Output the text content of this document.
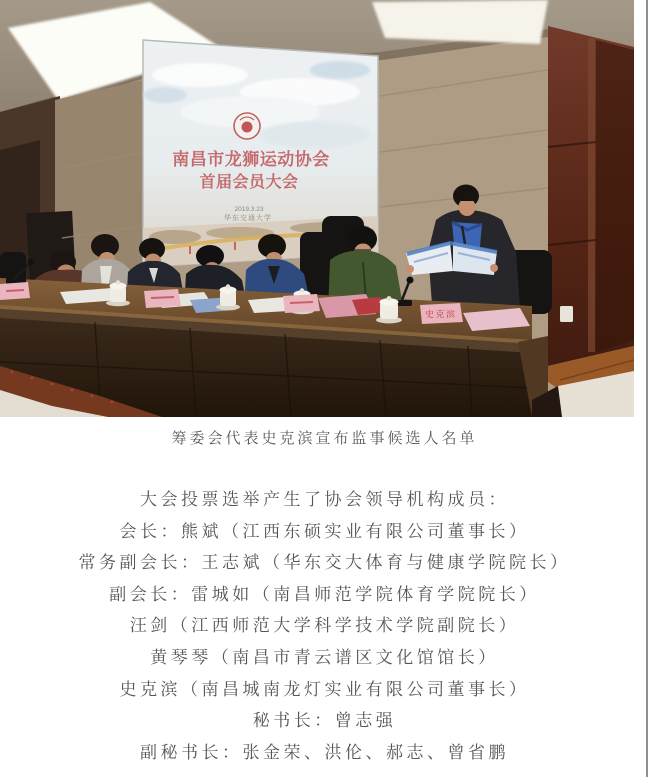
南昌市龙狮运动协会
首届会员大会
2019.3.23
华东交通大学
史克滨

筹委会代表史克滨宣布监事候选人名单

大会投票选举产生了协会领导机构成员：

会长：熊斌（江西东硕实业有限公司董事长）

常务副会长：王志斌（华东交大体育与健康学院院长）

副会长：雷城如（南昌师范学院体育学院院长）

汪剑（江西师范大学科学技术学院副院长）

黄琴琴（南昌市青云谱区文化馆馆长）

史克滨（南昌城南龙灯实业有限公司董事长）

秘书长：曾志强

副秘书长：张金荣、洪伦、郝志、曾省鹏
